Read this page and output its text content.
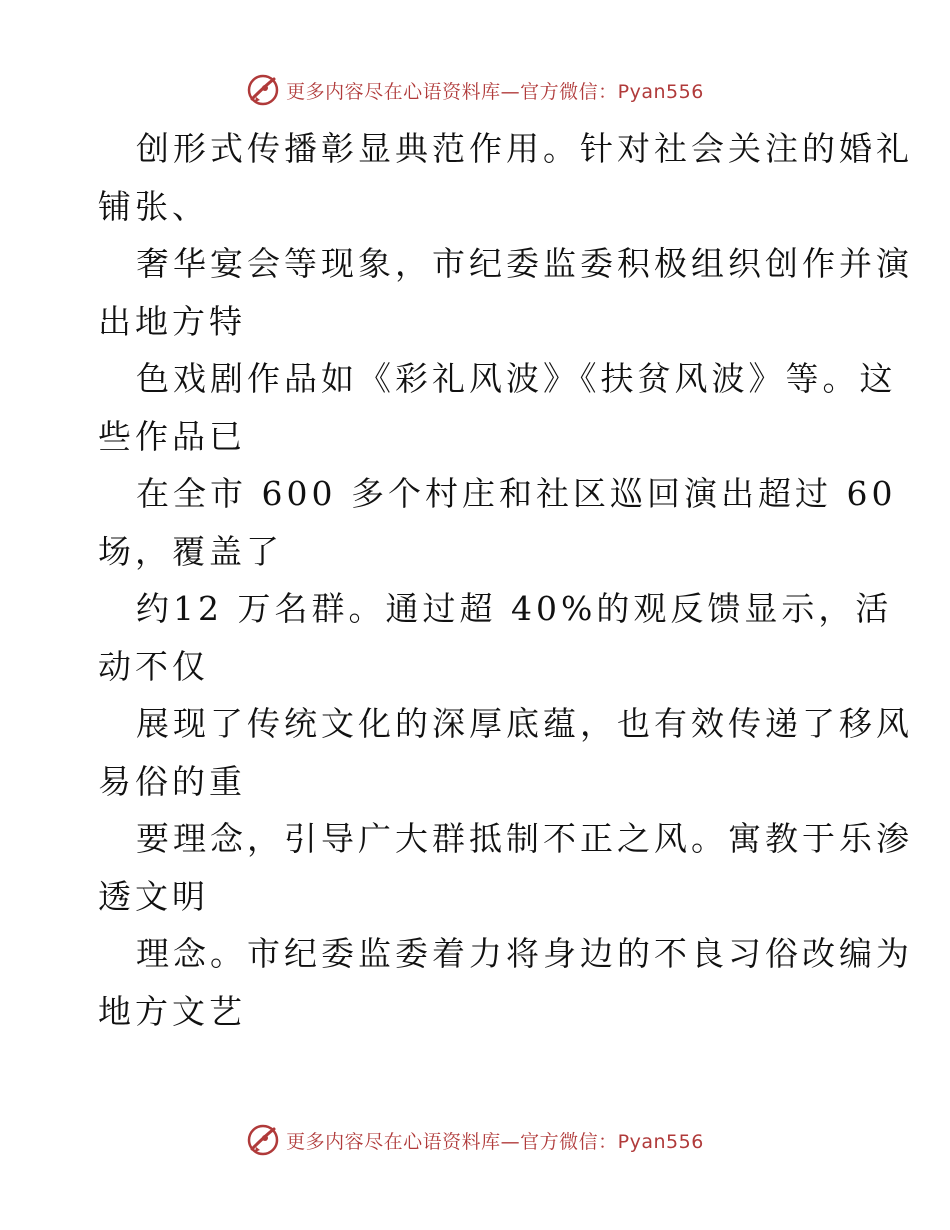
更多内容尽在心语资料库—官方微信：Pyan556
创形式传播彰显典范作用。针对社会关注的婚礼
铺张、
奢华宴会等现象，市纪委监委积极组织创作并演
出地方特
色戏剧作品如《彩礼风波》《扶贫风波》等。这
些作品已
在全市 600 多个村庄和社区巡回演出超过 60
场，覆盖了
约12 万名群。通过超 40%的观反馈显示，活
动不仅
展现了传统文化的深厚底蕴，也有效传递了移风
易俗的重
要理念，引导广大群抵制不正之风。寓教于乐渗
透文明
理念。市纪委监委着力将身边的不良习俗改编为
地方文艺
更多内容尽在心语资料库—官方微信：Pyan556
